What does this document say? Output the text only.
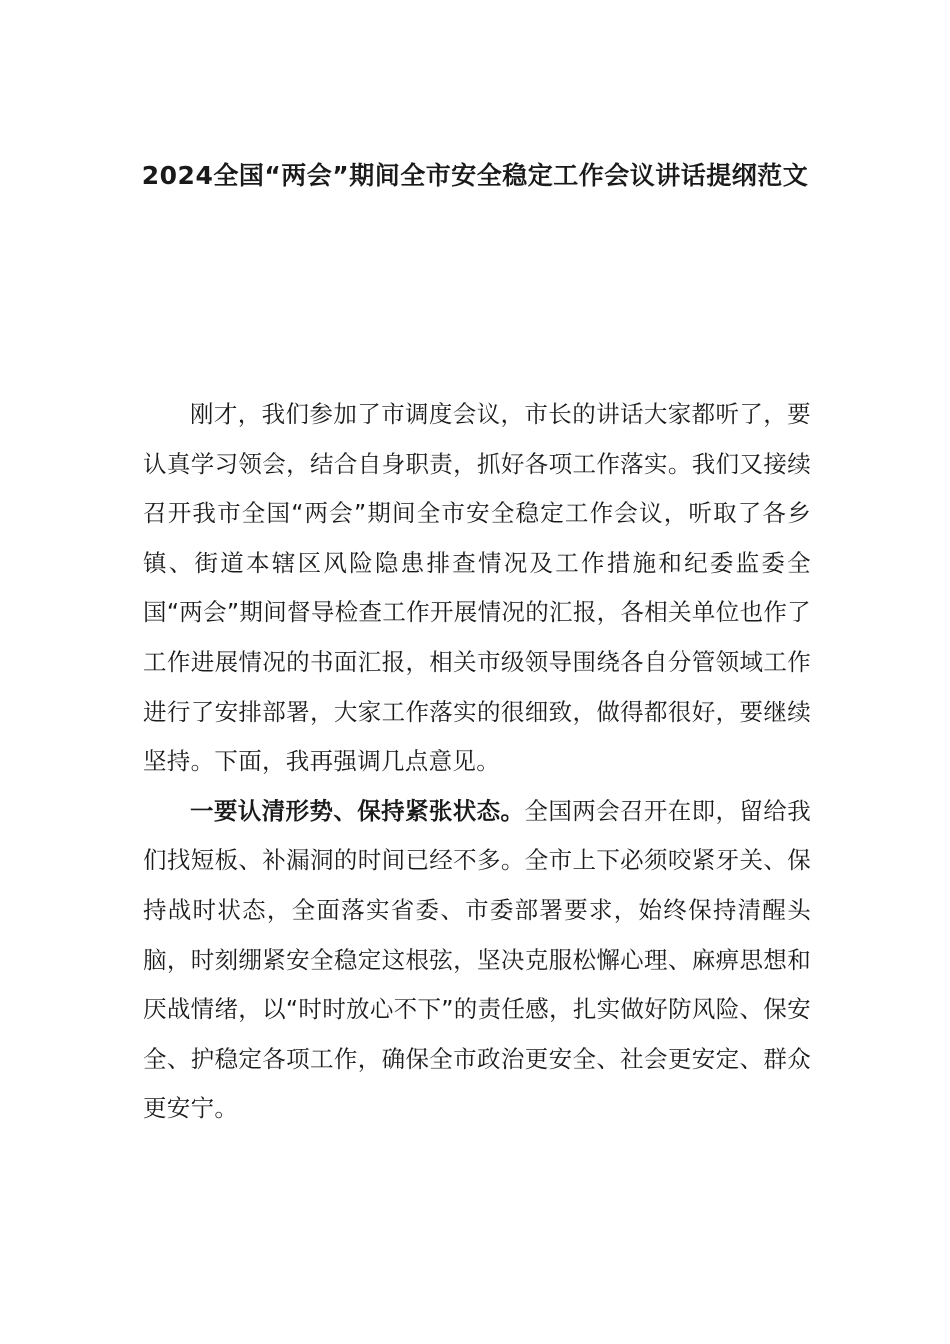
2024全国“两会”期间全市安全稳定工作会议讲话提纲范文

刚才，我们参加了市调度会议，市长的讲话大家都听了，要认真学习领会，结合自身职责，抓好各项工作落实。我们又接续召开我市全国“两会”期间全市安全稳定工作会议，听取了各乡镇、街道本辖区风险隐患排查情况及工作措施和纪委监委全国“两会”期间督导检查工作开展情况的汇报，各相关单位也作了工作进展情况的书面汇报，相关市级领导围绕各自分管领域工作进行了安排部署，大家工作落实的很细致，做得都很好，要继续坚持。下面，我再强调几点意见。

一要认清形势、保持紧张状态。全国两会召开在即，留给我们找短板、补漏洞的时间已经不多。全市上下必须咬紧牙关、保持战时状态，全面落实省委、市委部署要求，始终保持清醒头脑，时刻绷紧安全稳定这根弦，坚决克服松懈心理、麻痹思想和厌战情绪，以“时时放心不下”的责任感，扎实做好防风险、保安全、护稳定各项工作，确保全市政治更安全、社会更安定、群众更安宁。
